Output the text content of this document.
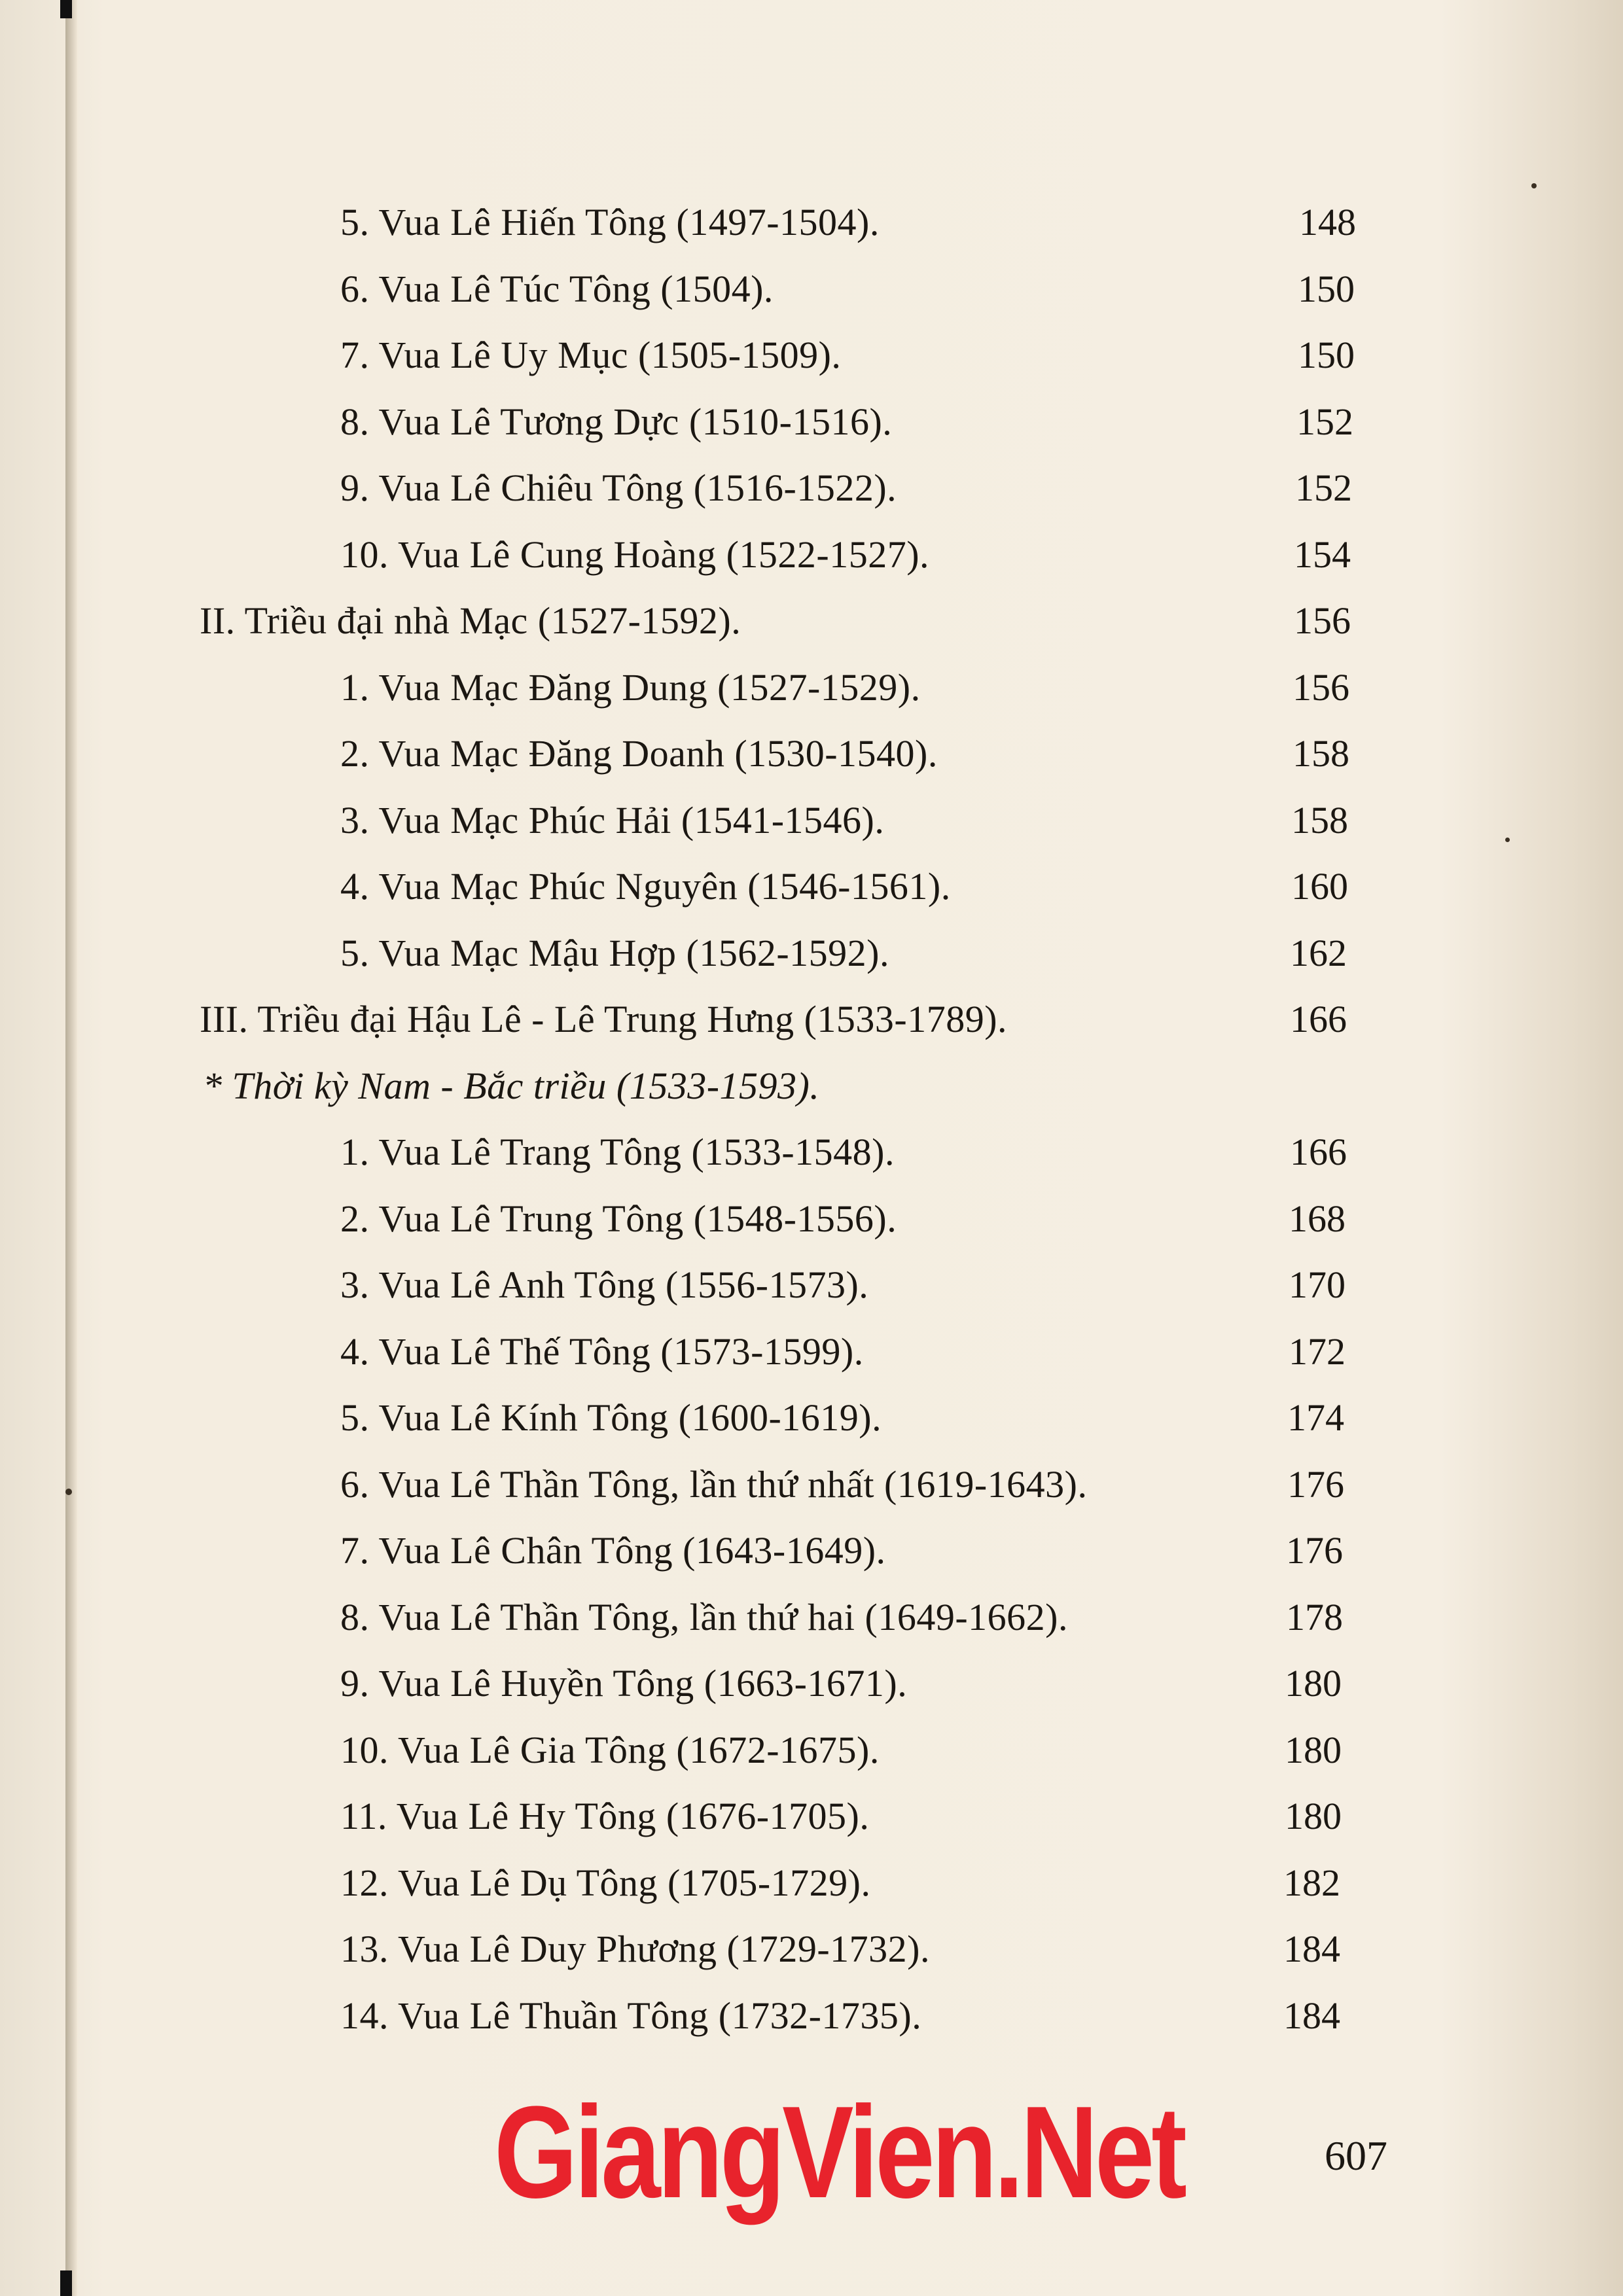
5. Vua Lê Hiến Tông (1497-1504).	148
6. Vua Lê Túc Tông (1504).	150
7. Vua Lê Uy Mục (1505-1509).	150
8. Vua Lê Tương Dực (1510-1516).	152
9. Vua Lê Chiêu Tông (1516-1522).	152
10. Vua Lê Cung Hoàng (1522-1527).	154
II. Triều đại nhà Mạc (1527-1592).	156
1. Vua Mạc Đăng Dung (1527-1529).	156
2. Vua Mạc Đăng Doanh (1530-1540).	158
3. Vua Mạc Phúc Hải (1541-1546).	158
4. Vua Mạc Phúc Nguyên (1546-1561).	160
5. Vua Mạc Mậu Hợp (1562-1592).	162
III. Triều đại Hậu Lê - Lê Trung Hưng (1533-1789).	166
* Thời kỳ Nam - Bắc triều (1533-1593).
1. Vua Lê Trang Tông (1533-1548).	166
2. Vua Lê Trung Tông (1548-1556).	168
3. Vua Lê Anh Tông (1556-1573).	170
4. Vua Lê Thế Tông (1573-1599).	172
5. Vua Lê Kính Tông (1600-1619).	174
6. Vua Lê Thần Tông, lần thứ nhất (1619-1643).	176
7. Vua Lê Chân Tông (1643-1649).	176
8. Vua Lê Thần Tông, lần thứ hai (1649-1662).	178
9. Vua Lê Huyền Tông (1663-1671).	180
10. Vua Lê Gia Tông (1672-1675).	180
11. Vua Lê Hy Tông (1676-1705).	180
12. Vua Lê Dụ Tông (1705-1729).	182
13. Vua Lê Duy Phương (1729-1732).	184
14. Vua Lê Thuần Tông (1732-1735).	184
607
GiangVien.Net
